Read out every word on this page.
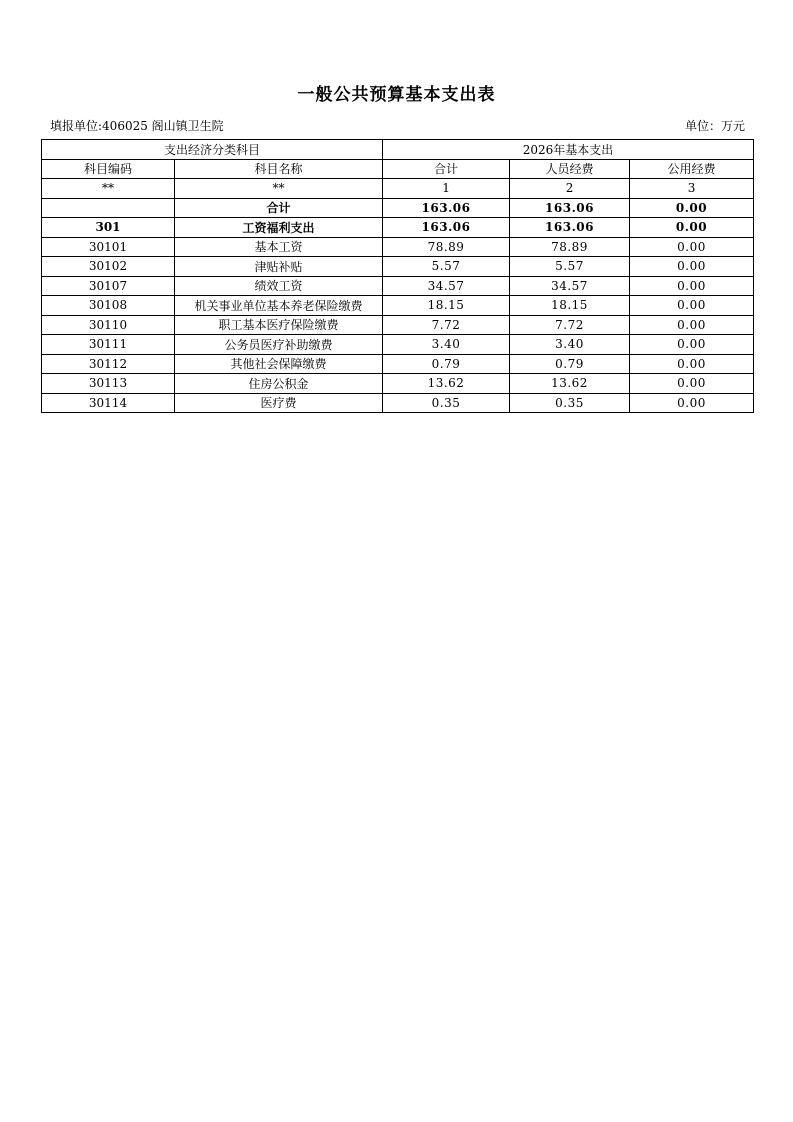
一般公共预算基本支出表
填报单位:406025 阁山镇卫生院	单位：万元
支出经济分类科目		2026年基本支出		
科目编码	科目名称	合计	人员经费	公用经费
**	**	1	2	3
	合计	163.06	163.06	0.00
301	工资福利支出	163.06	163.06	0.00
30101	基本工资	78.89	78.89	0.00
30102	津贴补贴	5.57	5.57	0.00
30107	绩效工资	34.57	34.57	0.00
30108	机关事业单位基本养老保险缴费	18.15	18.15	0.00
30110	职工基本医疗保险缴费	7.72	7.72	0.00
30111	公务员医疗补助缴费	3.40	3.40	0.00
30112	其他社会保障缴费	0.79	0.79	0.00
30113	住房公积金	13.62	13.62	0.00
30114	医疗费	0.35	0.35	0.00
